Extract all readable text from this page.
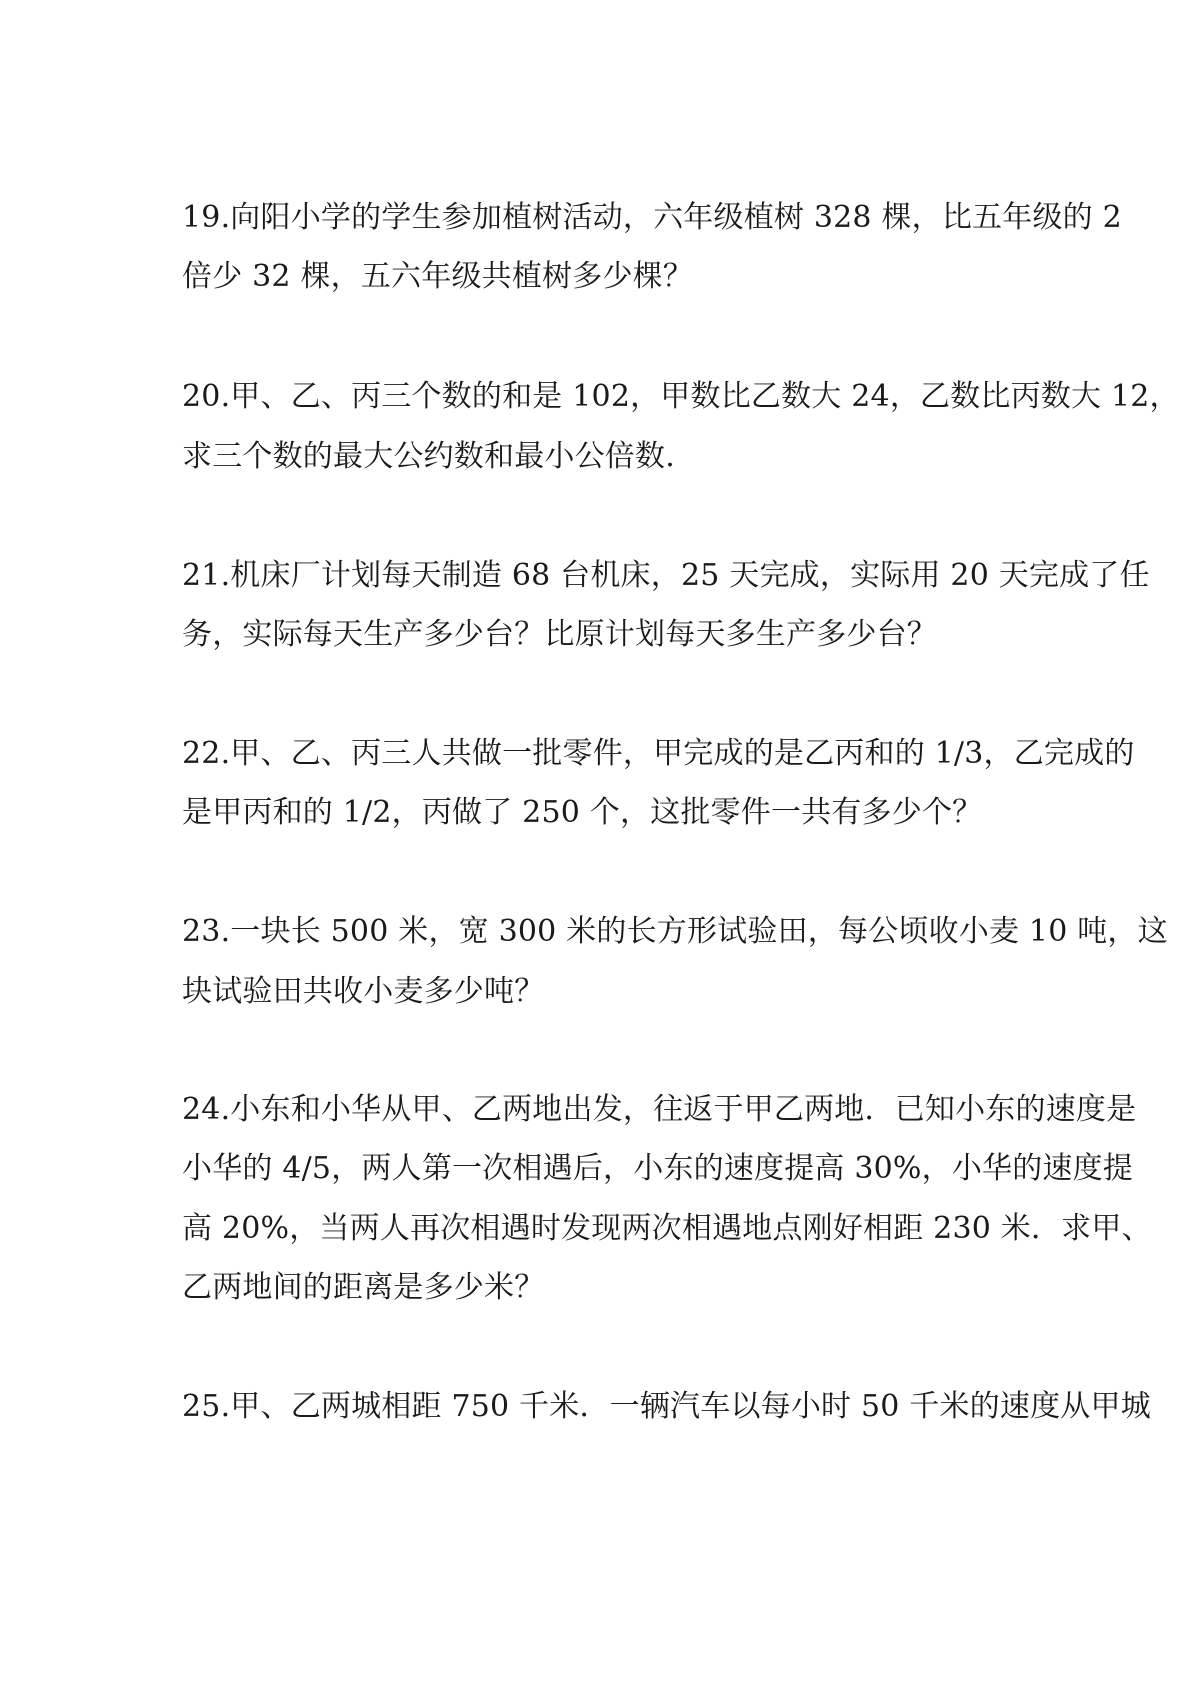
19.向阳小学的学生参加植树活动，六年级植树 328 棵，比五年级的 2
倍少 32 棵，五六年级共植树多少棵？
20.甲、乙、丙三个数的和是 102，甲数比乙数大 24，乙数比丙数大 12，
求三个数的最大公约数和最小公倍数.
21.机床厂计划每天制造 68 台机床，25 天完成，实际用 20 天完成了任
务，实际每天生产多少台？比原计划每天多生产多少台？
22.甲、乙、丙三人共做一批零件，甲完成的是乙丙和的 1/3，乙完成的
是甲丙和的 1/2，丙做了 250 个，这批零件一共有多少个？
23.一块长 500 米，宽 300 米的长方形试验田，每公顷收小麦 10 吨，这
块试验田共收小麦多少吨？
24.小东和小华从甲、乙两地出发，往返于甲乙两地．已知小东的速度是
小华的 4/5，两人第一次相遇后，小东的速度提高 30%，小华的速度提
高 20%，当两人再次相遇时发现两次相遇地点刚好相距 230 米．求甲、
乙两地间的距离是多少米？
25.甲、乙两城相距 750 千米．一辆汽车以每小时 50 千米的速度从甲城
